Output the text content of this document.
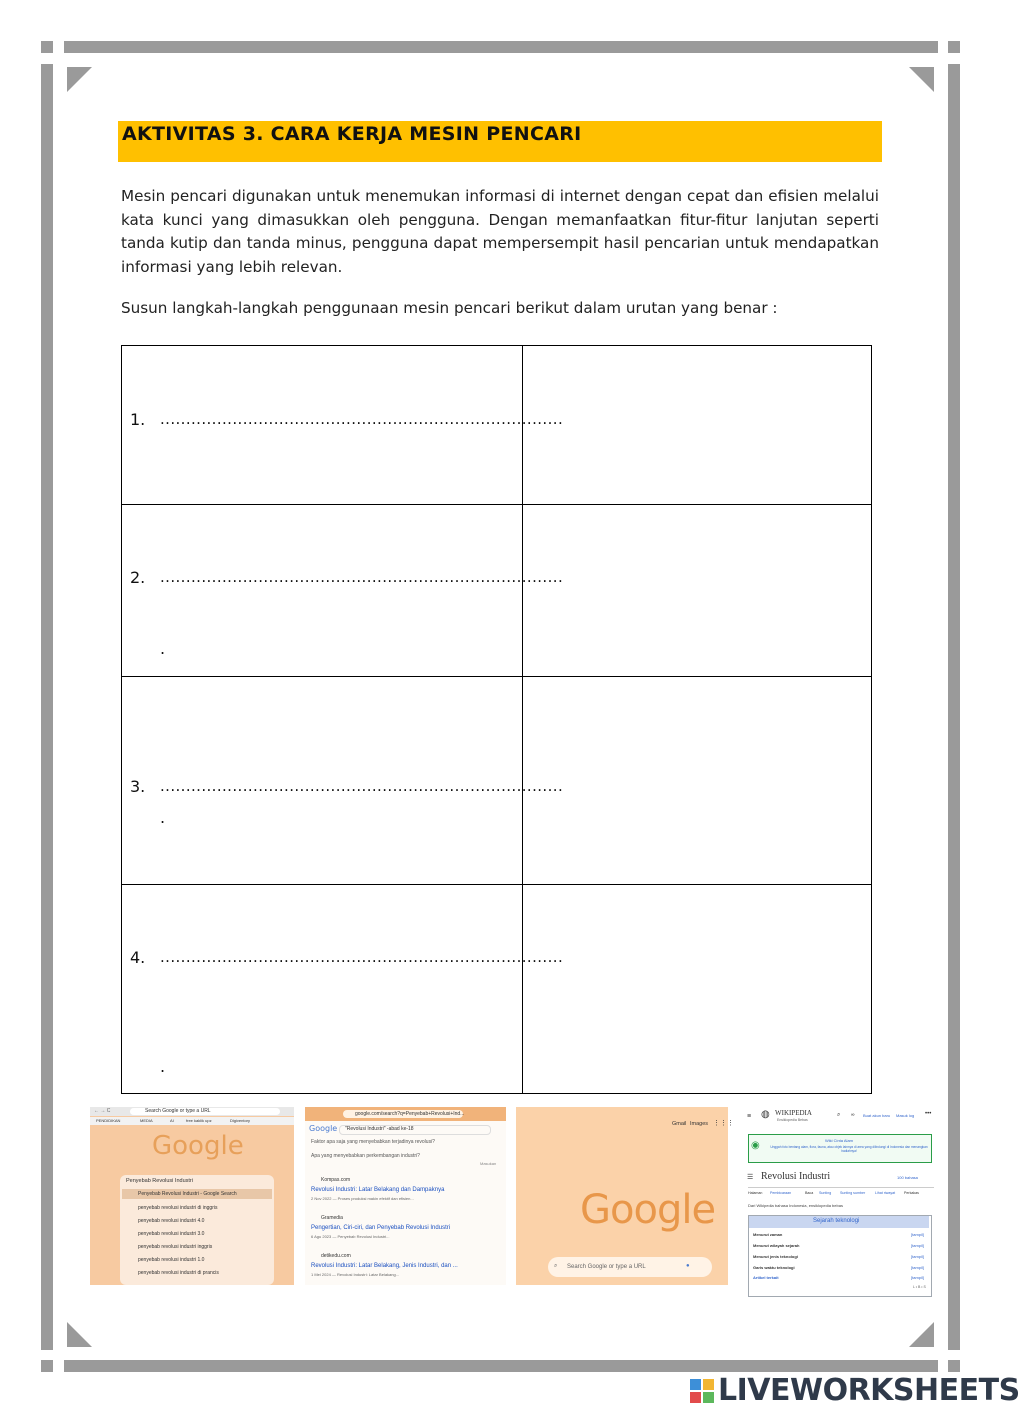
AKTIVITAS 3. CARA KERJA MESIN PENCARI
Mesin pencari digunakan untuk menemukan informasi di internet dengan cepat dan efisien melalui kata kunci yang dimasukkan oleh pengguna. Dengan memanfaatkan fitur-fitur lanjutan seperti tanda kutip dan tanda minus, pengguna dapat mempersempit hasil pencarian untuk mendapatkan informasi yang lebih relevan.
Susun langkah-langkah penggunaan mesin pencari berikut dalam urutan yang benar :
1. ..............................................................................	

2. ..............................................................................
.	

3. ..............................................................................
.	

4. ..............................................................................
.	

← → C	Search Google or type a URL
PENDIDIKAN	MEDIA	AI	free kaklik upz	Digiventory
Google
Penyebab Revolusi Industri
Penyebab Revolusi Industri - Google Search
penyebab revolusi industri di inggris
penyebab revolusi industri 4.0
penyebab revolusi industri 3.0
penyebab revolusi industri inggris
penyebab revolusi industri 1.0
penyebab revolusi industri di prancis
google.com/search?q=Penyebab+Revolusi+Ind...
Google "Revolusi Industri" -abad ke-18
Faktor apa saja yang menyebabkan terjadinya revolusi?
Apa yang menyebabkan perkembangan industri?
Masukan
Kompas.com
Revolusi Industri: Latar Belakang dan Dampaknya
2 Nov 2022 — Proses produksi makin efektif dan efisien...
Gramedia
Pengertian, Ciri-ciri, dan Penyebab Revolusi Industri
6 Agu 2023 — Penyebab Revolusi Industri...
detikedu.com
Revolusi Industri: Latar Belakang, Jenis Industri, dan ...
1 Mei 2024 — Revolusi Industri: Latar Belakang...
Gmail Images ⋮⋮⋮
Google
⌕ Search Google or type a URL	●
≡ ◍ WIKIPEDIA
Ensiklopedia Bebas
⌕ ∞ Buat akun baru Masuk log •••
◉	Wiki Cinta Alam
Unggah foto bentang alam, flora, fauna, atau objek lainnya di area yang dilindungi di Indonesia dan menangkan hadiahnya!
☰ Revolusi Industri	100 bahasa
Halaman Pembicaraan	Baca Sunting Sunting sumber	Lihat riwayat Perkakas
Dari Wikipedia bahasa Indonesia, ensiklopedia bebas
Sejarah teknologi
Menurut zaman
Menurut wilayah sejarah
Menurut jenis teknologi
Garis waktu teknologi
Artikel terkait
[tampil]
[tampil]
[tampil]
[tampil]
[tampil]
L • B • S
LIVEWORKSHEETS
